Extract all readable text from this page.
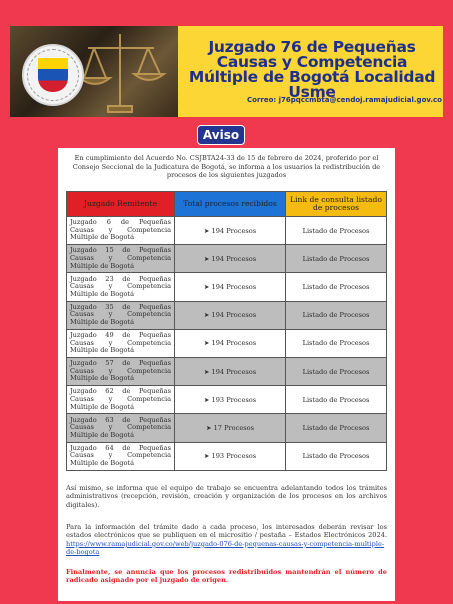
Juzgado 76 de Pequeñas Causas y Competencia Múltiple de Bogotá Localidad Usme
Correo: j76pqccmbta@cendoj.ramajudicial.gov.co
Aviso

En cumplimiento del Acuerdo No. CSJBTA24-33 de 15 de febrero de 2024, proferido por el Consejo Seccional de la Judicatura de Bogotá, se informa a los usuarios la redistribución de procesos de los siguientes juzgados

Juzgado Remitente	Total procesos recibidos	Link de consulta listado de procesos
Juzgado 6 de Pequeñas Causas y Competencia Múltiple de Bogotá	➤ 194 Procesos	Listado de Procesos
Juzgado 15 de Pequeñas Causas y Competencia Múltiple de Bogotá	➤ 194 Procesos	Listado de Procesos
Juzgado 23 de Pequeñas Causas y Competencia Múltiple de Bogotá	➤ 194 Procesos	Listado de Procesos
Juzgado 35 de Pequeñas Causas y Competencia Múltiple de Bogotá	➤ 194 Procesos	Listado de Procesos
Juzgado 49 de Pequeñas Causas y Competencia Múltiple de Bogotá	➤ 194 Procesos	Listado de Procesos
Juzgado 57 de Pequeñas Causas y Competencia Múltiple de Bogotá	➤ 194 Procesos	Listado de Procesos
Juzgado 62 de Pequeñas Causas y Competencia Múltiple de Bogotá	➤ 193 Procesos	Listado de Procesos
Juzgado 63 de Pequeñas Causas y Competencia Múltiple de Bogotá	➤ 17 Procesos	Listado de Procesos
Juzgado 64 de Pequeñas Causas y Competencia Múltiple de Bogotá	➤ 193 Procesos	Listado de Procesos

Así mismo, se informa que el equipo de trabajo se encuentra adelantando todos los trámites administrativos (recepción, revisión, creación y organización de los procesos en los archivos digitales).

Para la información del trámite dado a cada proceso, los interesados deberán revisar los estados electrónicos que se publiquen en el micrositio / pestaña – Estados Electrónicos 2024. https://www.ramajudicial.gov.co/web/juzgado-076-de-pequenas-causas-y-competencia-multiple-de-bogota

Finalmente, se anuncia que los procesos redistribuidos mantendrán el número de radicado asignado por el juzgado de origen.
